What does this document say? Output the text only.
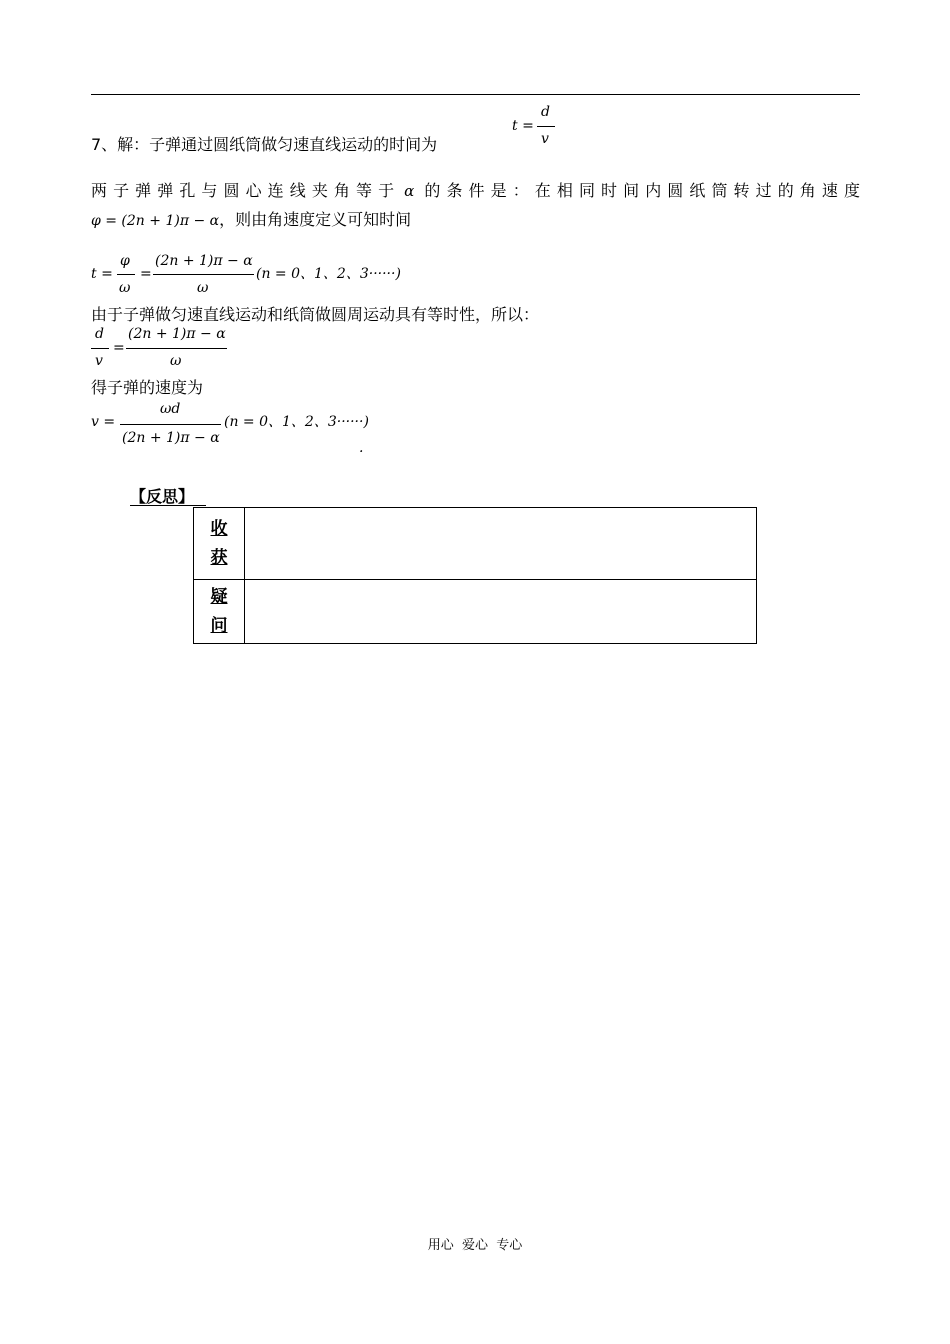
7、解：子弹通过圆纸筒做匀速直线运动的时间为
t =
d
v
两子弹弹孔与圆心连线夹角等于 α 的条件是：在相同时间内圆纸筒转过的角速度
φ = (2n + 1)π − α，则由角速度定义可知时间
t =
φ
ω
=
(2n + 1)π − α
ω
(n = 0、1、2、3······)
由于子弹做匀速直线运动和纸筒做圆周运动具有等时性，所以：
d
v
=
(2n + 1)π − α
ω
得子弹的速度为
v =
ωd
(2n + 1)π − α
(n = 0、1、2、3······)
.
【反思】
收
获	

疑
问	

用心  爱心  专心
